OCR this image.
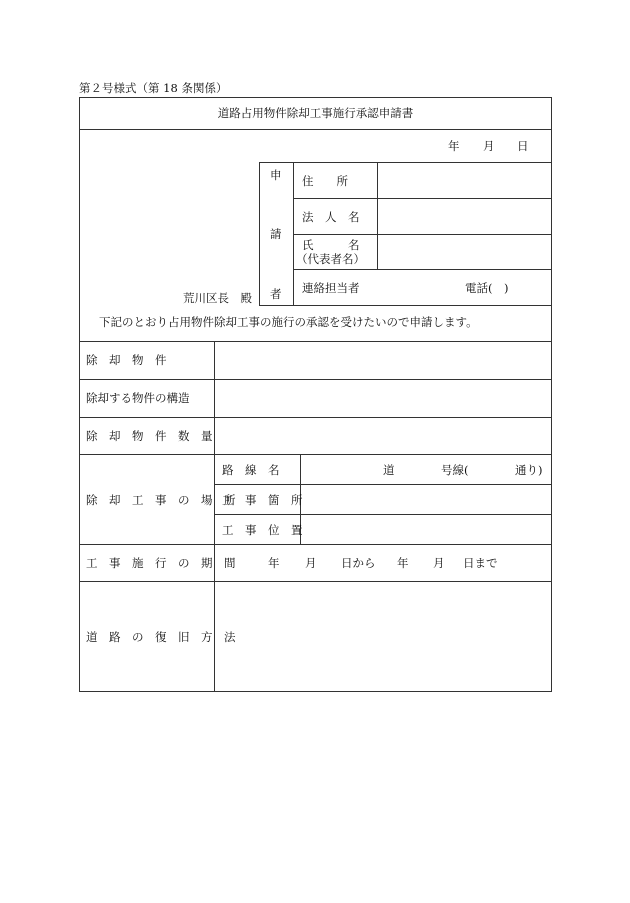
第２号様式（第 18 条関係）
道路占用物件除却工事施行承認申請書
年 月 日
申
請
者
住　　所
法　人　名
氏　　　名
（代表者名）
連絡担当者	電話(　)
荒川区長　殿
下記のとおり占用物件除却工事の施行の承認を受けたいので申請します。
除　却　物　件
除却する物件の構造
除　却　物　件　数　量
除　却　工　事　の　場　所
路　線　名	道	号線(	通り)
工　事　箇　所
工　事　位　置
工　事　施　行　の　期　間	年 月 日から 年 月 日まで
道　路　の　復　旧　方　法
